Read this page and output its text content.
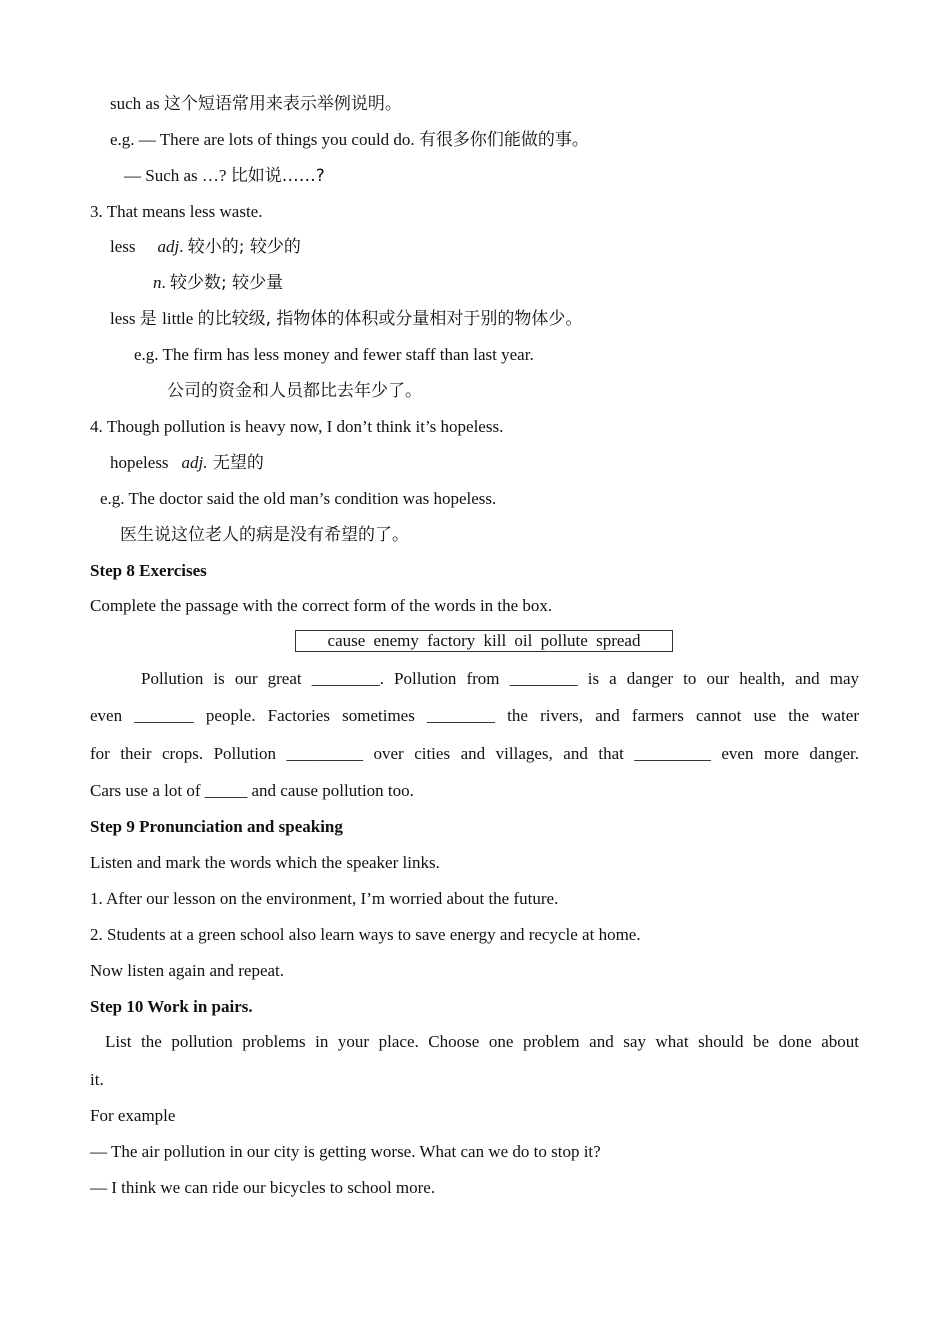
such as 这个短语常用来表示举例说明。
e.g. — There are lots of things you could do. 有很多你们能做的事。
— Such as …? 比如说……?
3. That means less waste.
less adj. 较小的; 较少的
n. 较少数; 较少量
less 是 little 的比较级, 指物体的体积或分量相对于别的物体少。
e.g. The firm has less money and fewer staff than last year.
公司的资金和人员都比去年少了。
4. Though pollution is heavy now, I don’t think it’s hopeless.
hopeless adj. 无望的
e.g. The doctor said the old man’s condition was hopeless.
医生说这位老人的病是没有希望的了。
Step 8 Exercises
Complete the passage with the correct form of the words in the box.
cause enemy factory kill oil pollute spread
Pollution is our great ________. Pollution from ________ is a danger to our health, and may
even _______ people. Factories sometimes ________ the rivers, and farmers cannot use the water
for their crops. Pollution _________ over cities and villages, and that _________ even more danger.
Cars use a lot of _____ and cause pollution too.
Step 9 Pronunciation and speaking
Listen and mark the words which the speaker links.
1. After our lesson on the environment, I’m worried about the future.
2. Students at a green school also learn ways to save energy and recycle at home.
Now listen again and repeat.
Step 10 Work in pairs.
List the pollution problems in your place. Choose one problem and say what should be done about
it.
For example
— The air pollution in our city is getting worse. What can we do to stop it?
— I think we can ride our bicycles to school more.
